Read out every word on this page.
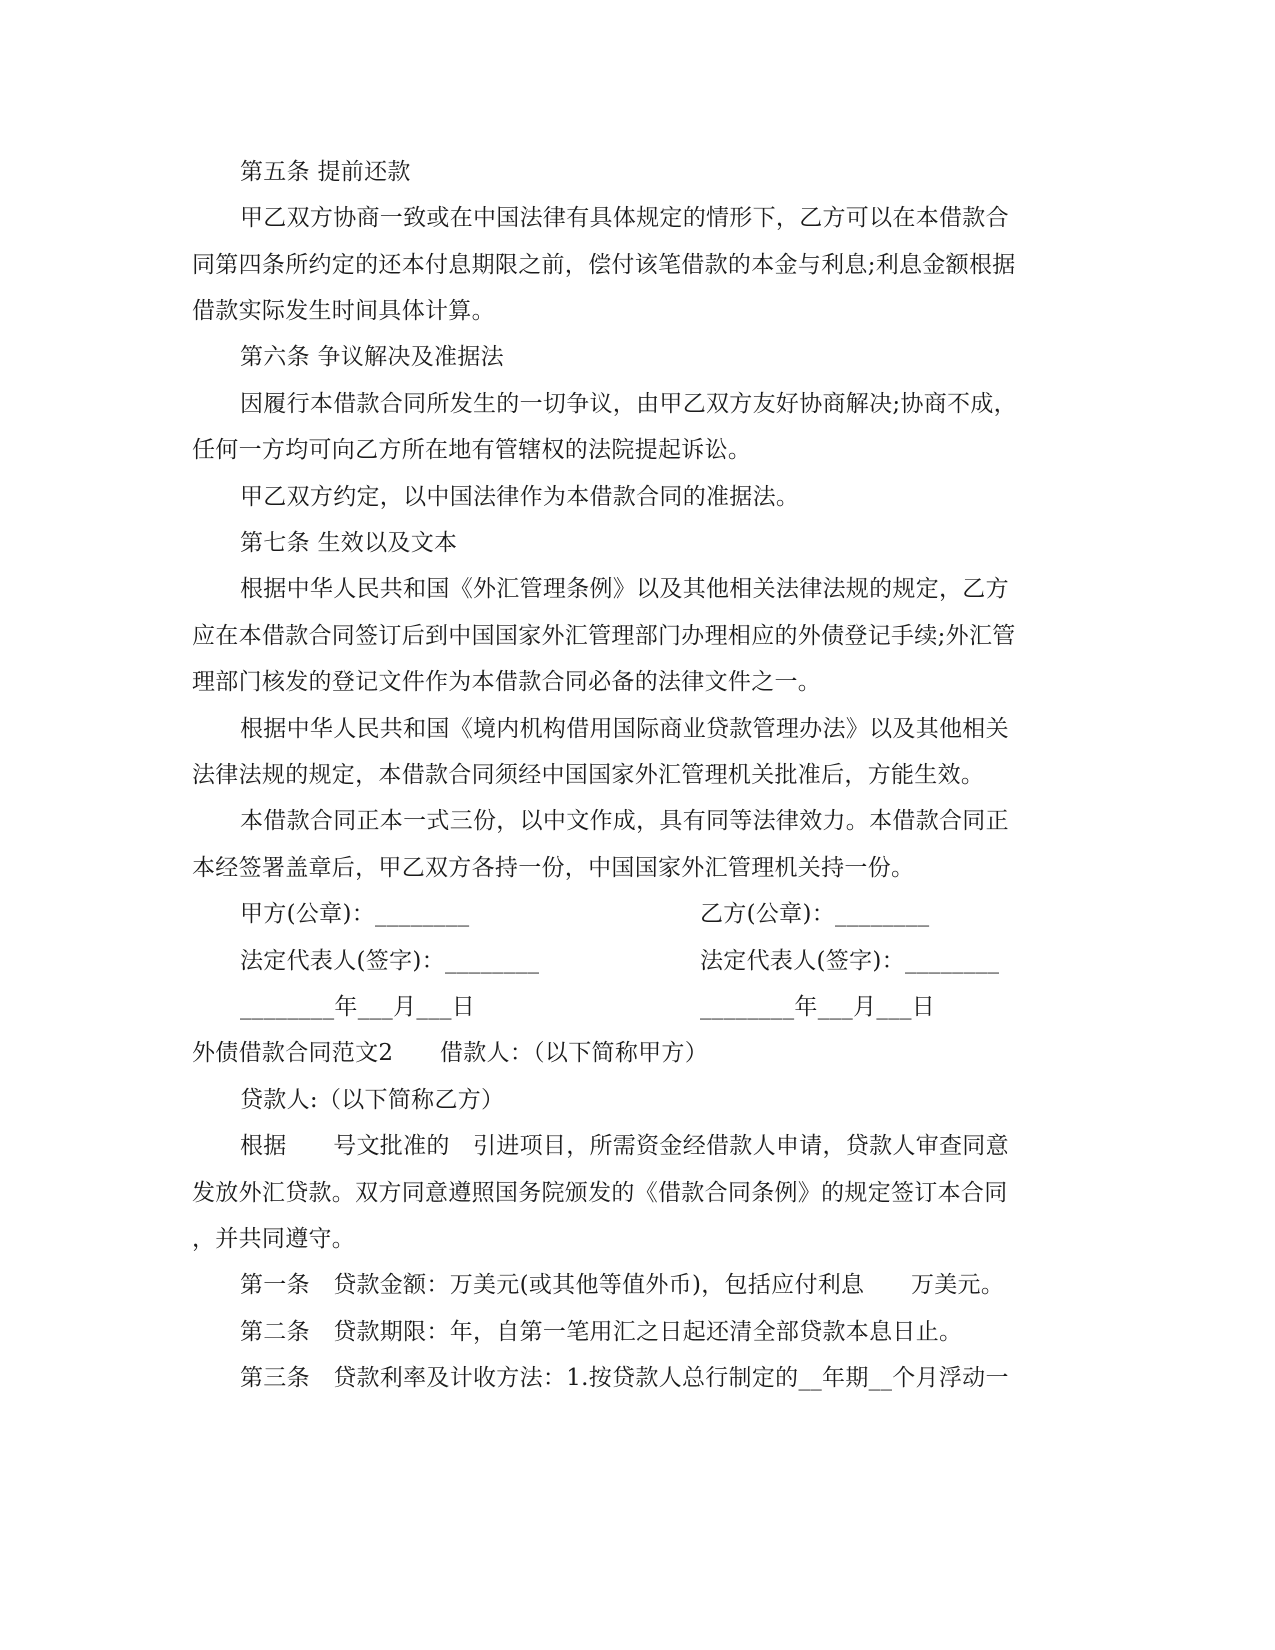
第五条 提前还款
甲乙双方协商一致或在中国法律有具体规定的情形下，乙方可以在本借款合
同第四条所约定的还本付息期限之前，偿付该笔借款的本金与利息;利息金额根据
借款实际发生时间具体计算。
第六条 争议解决及准据法
因履行本借款合同所发生的一切争议，由甲乙双方友好协商解决;协商不成，
任何一方均可向乙方所在地有管辖权的法院提起诉讼。
甲乙双方约定，以中国法律作为本借款合同的准据法。
第七条 生效以及文本
根据中华人民共和国《外汇管理条例》以及其他相关法律法规的规定，乙方
应在本借款合同签订后到中国国家外汇管理部门办理相应的外债登记手续;外汇管
理部门核发的登记文件作为本借款合同必备的法律文件之一。
根据中华人民共和国《境内机构借用国际商业贷款管理办法》以及其他相关
法律法规的规定，本借款合同须经中国国家外汇管理机关批准后，方能生效。
本借款合同正本一式三份，以中文作成，具有同等法律效力。本借款合同正
本经签署盖章后，甲乙双方各持一份，中国国家外汇管理机关持一份。
甲方(公章)：________	乙方(公章)：________
法定代表人(签字)：________	法定代表人(签字)：________
________年___月___日	________年___月___日
外债借款合同范文2　　借款人：（以下简称甲方）
贷款人:（以下简称乙方）
根据　　号文批准的　引进项目，所需资金经借款人申请，贷款人审查同意
发放外汇贷款。双方同意遵照国务院颁发的《借款合同条例》的规定签订本合同
，并共同遵守。
第一条　贷款金额：万美元(或其他等值外币)，包括应付利息　　万美元。
第二条　贷款期限：年，自第一笔用汇之日起还清全部贷款本息日止。
第三条　贷款利率及计收方法：1.按贷款人总行制定的__年期__个月浮动一
